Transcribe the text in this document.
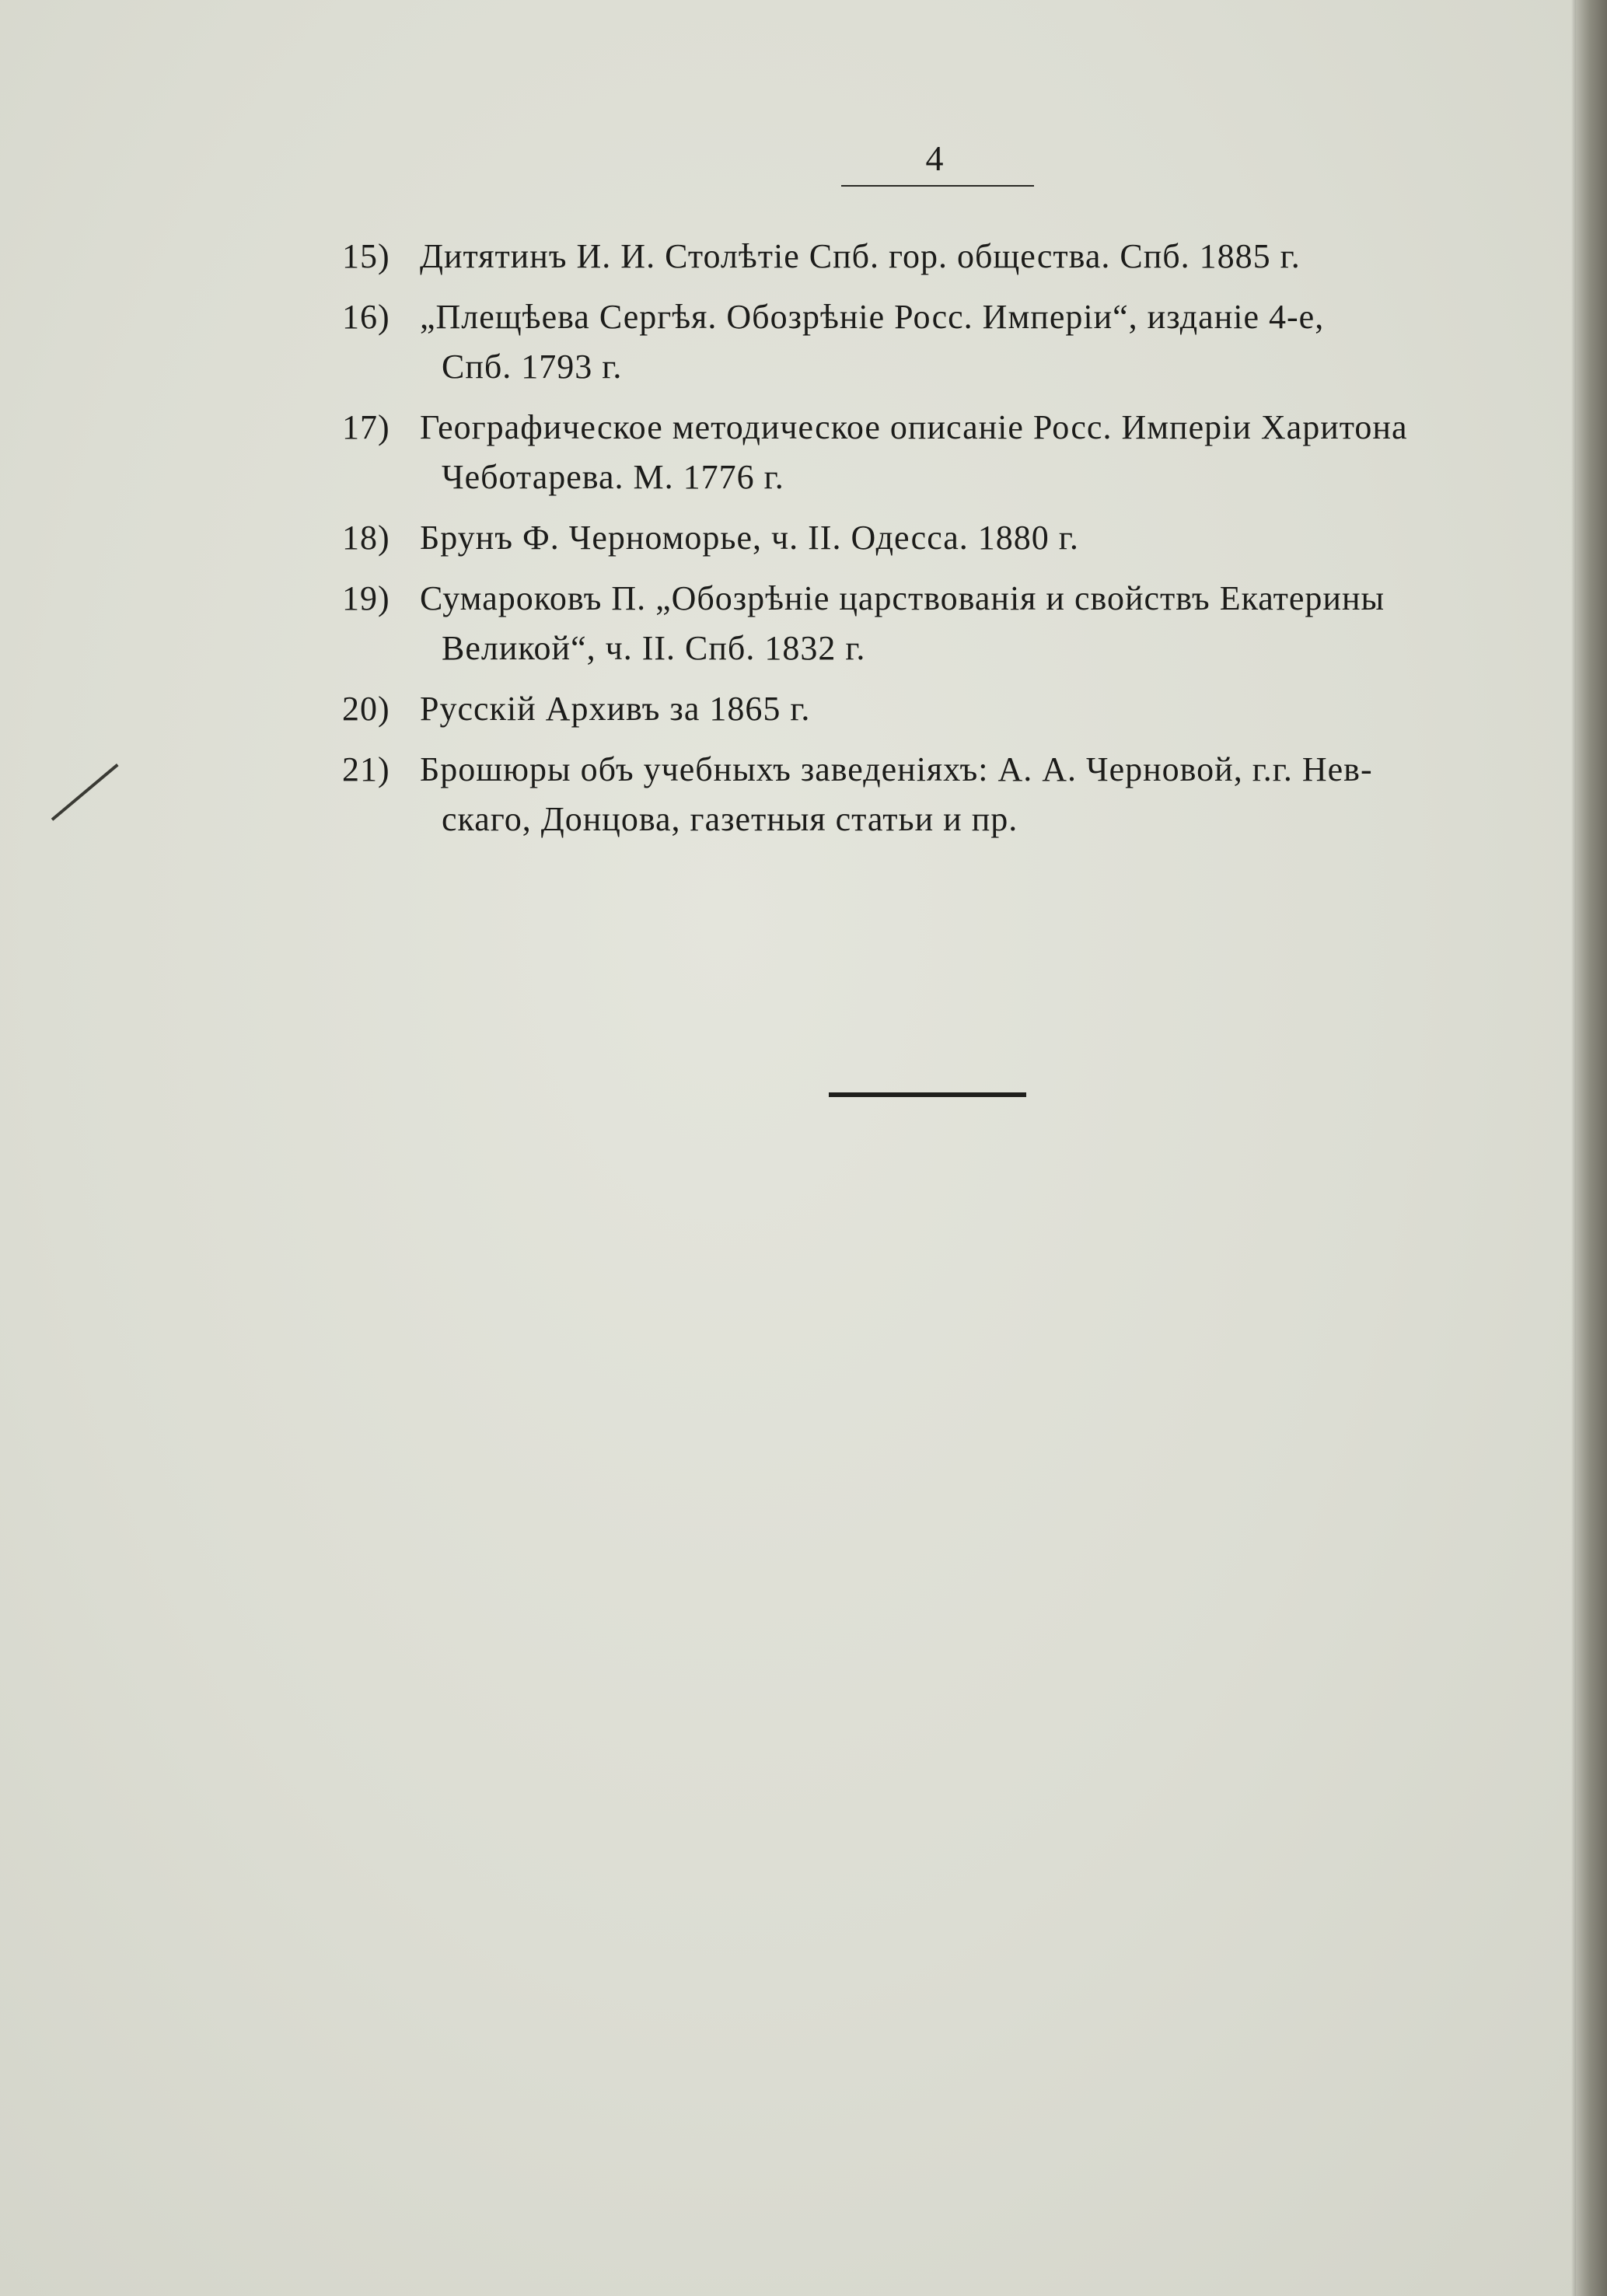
4
15) Дитятинъ И. И. Столѣтіе Спб. гор. общества. Спб. 1885 г.
16) „Плещѣева Сергѣя. Обозрѣніе Росс. Имперіи“, изданіе 4-е,
Спб. 1793 г.
17) Географическое методическое описаніе Росс. Имперіи Харитона
Чеботарева. М. 1776 г.
18) Брунъ Ф. Черноморье, ч. II. Одесса. 1880 г.
19) Сумароковъ П. „Обозрѣніе царствованія и свойствъ Екатерины
Великой“, ч. II. Спб. 1832 г.
20) Русскій Архивъ за 1865 г.
21) Брошюры объ учебныхъ заведеніяхъ: А. А. Черновой, г.г. Нев-
скаго, Донцова, газетныя статьи и пр.
